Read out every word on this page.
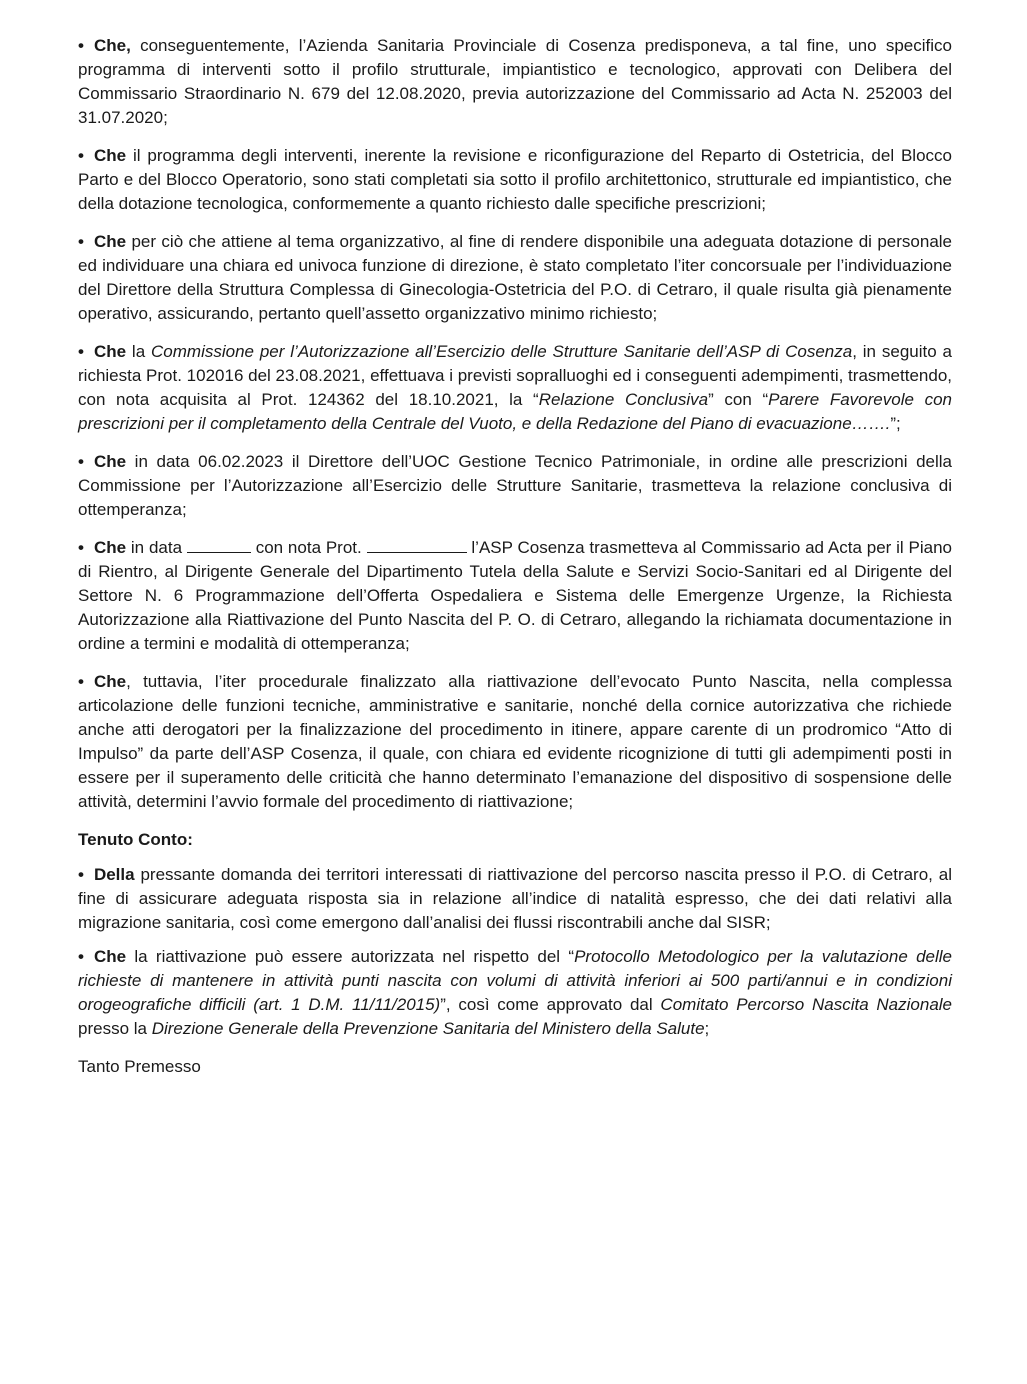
• Che, conseguentemente, l’Azienda Sanitaria Provinciale di Cosenza predisponeva, a tal fine, uno specifico programma di interventi sotto il profilo strutturale, impiantistico e tecnologico, approvati con Delibera del Commissario Straordinario N. 679 del 12.08.2020, previa autorizzazione del Commissario ad Acta N. 252003 del 31.07.2020;

• Che il programma degli interventi, inerente la revisione e riconfigurazione del Reparto di Ostetricia, del Blocco Parto e del Blocco Operatorio, sono stati completati sia sotto il profilo architettonico, strutturale ed impiantistico, che della dotazione tecnologica, conformemente a quanto richiesto dalle specifiche prescrizioni;

• Che per ciò che attiene al tema organizzativo, al fine di rendere disponibile una adeguata dotazione di personale ed individuare una chiara ed univoca funzione di direzione, è stato completato l’iter concorsuale per l’individuazione del Direttore della Struttura Complessa di Ginecologia-Ostetricia del P.O. di Cetraro, il quale risulta già pienamente operativo, assicurando, pertanto quell’assetto organizzativo minimo richiesto;

• Che la Commissione per l’Autorizzazione all’Esercizio delle Strutture Sanitarie dell’ASP di Cosenza, in seguito a richiesta Prot. 102016 del 23.08.2021, effettuava i previsti sopralluoghi ed i conseguenti adempimenti, trasmettendo, con nota acquisita al Prot. 124362 del 18.10.2021, la “Relazione Conclusiva” con “Parere Favorevole con prescrizioni per il completamento della Centrale del Vuoto, e della Redazione del Piano di evacuazione…….”;

• Che in data 06.02.2023 il Direttore dell’UOC Gestione Tecnico Patrimoniale, in ordine alle prescrizioni della Commissione per l’Autorizzazione all’Esercizio delle Strutture Sanitarie, trasmetteva la relazione conclusiva di ottemperanza;

• Che in data	con nota Prot.	l’ASP Cosenza trasmetteva al Commissario ad Acta per il Piano di Rientro, al Dirigente Generale del Dipartimento Tutela della Salute e Servizi Socio-Sanitari ed al Dirigente del Settore N. 6 Programmazione dell’Offerta Ospedaliera e Sistema delle Emergenze Urgenze, la Richiesta Autorizzazione alla Riattivazione del Punto Nascita del P. O. di Cetraro, allegando la richiamata documentazione in ordine a termini e modalità di ottemperanza;

• Che, tuttavia, l’iter procedurale finalizzato alla riattivazione dell’evocato Punto Nascita, nella complessa articolazione delle funzioni tecniche, amministrative e sanitarie, nonché della cornice autorizzativa che richiede anche atti derogatori per la finalizzazione del procedimento in itinere, appare carente di un prodromico “Atto di Impulso” da parte dell’ASP Cosenza, il quale, con chiara ed evidente ricognizione di tutti gli adempimenti posti in essere per il superamento delle criticità che hanno determinato l’emanazione del dispositivo di sospensione delle attività, determini l’avvio formale del procedimento di riattivazione;

Tenuto Conto:

• Della pressante domanda dei territori interessati di riattivazione del percorso nascita presso il P.O. di Cetraro, al fine di assicurare adeguata risposta sia in relazione all’indice di natalità espresso, che dei dati relativi alla migrazione sanitaria, così come emergono dall’analisi dei flussi riscontrabili anche dal SISR;

• Che la riattivazione può essere autorizzata nel rispetto del “Protocollo Metodologico per la valutazione delle richieste di mantenere in attività punti nascita con volumi di attività inferiori ai 500 parti/annui e in condizioni orogeografiche difficili (art. 1 D.M. 11/11/2015)”, così come approvato dal Comitato Percorso Nascita Nazionale presso la Direzione Generale della Prevenzione Sanitaria del Ministero della Salute;

Tanto Premesso
